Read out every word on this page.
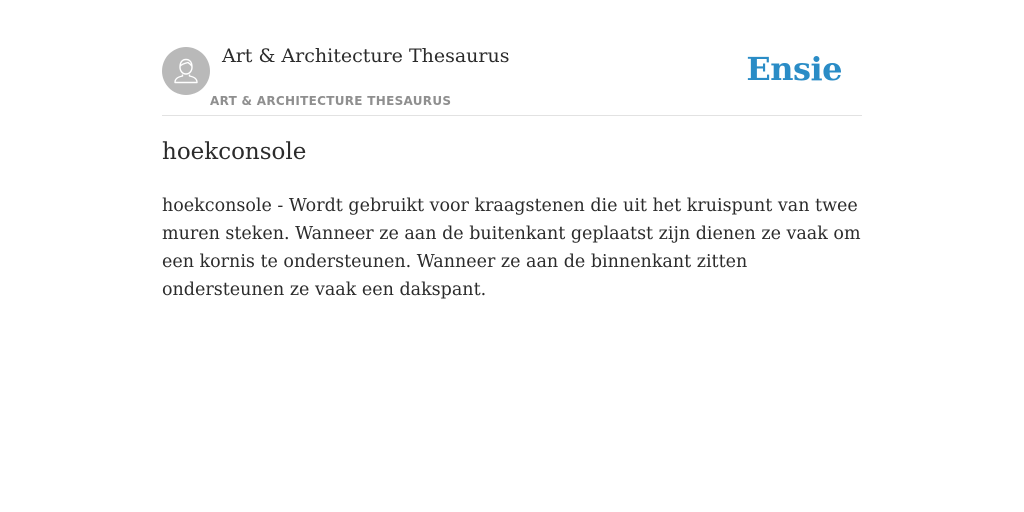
Art & Architecture Thesaurus
ART & ARCHITECTURE THESAURUS
Ensie
hoekconsole

hoekconsole - Wordt gebruikt voor kraagstenen die uit het kruispunt van twee muren steken. Wanneer ze aan de buitenkant geplaatst zijn dienen ze vaak om een kornis te ondersteunen. Wanneer ze aan de binnenkant zitten ondersteunen ze vaak een dakspant.
